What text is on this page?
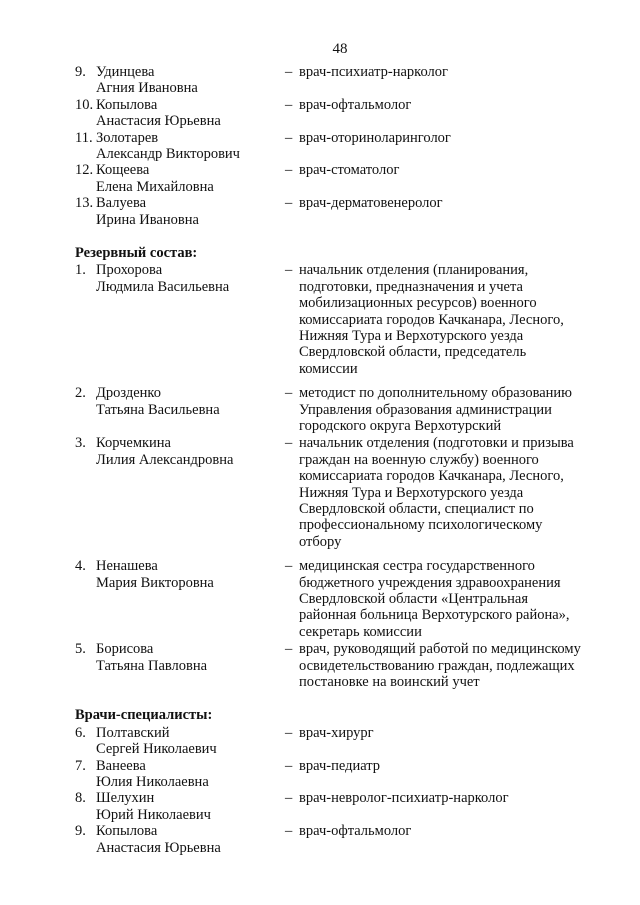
48
9. Удинцева
Агния Ивановна
– врач-психиатр-нарколог
10. Копылова
Анастасия Юрьевна
– врач-офтальмолог
11. Золотарев
Александр Викторович
– врач-оториноларинголог
12. Кощеева
Елена Михайловна
– врач-стоматолог
13. Валуева
Ирина Ивановна
– врач-дерматовенеролог
Резервный состав:
1. Прохорова
Людмила Васильевна
– начальник отделения (планирования,
подготовки, предназначения и учета
мобилизационных ресурсов) военного
комиссариата городов Качканара, Лесного,
Нижняя Тура и Верхотурского уезда
Свердловской области, председатель
комиссии
2. Дрозденко
Татьяна Васильевна
– методист по дополнительному образованию
Управления образования администрации
городского округа Верхотурский
3. Корчемкина
Лилия Александровна
– начальник отделения (подготовки и призыва
граждан на военную службу) военного
комиссариата городов Качканара, Лесного,
Нижняя Тура и Верхотурского уезда
Свердловской области, специалист по
профессиональному психологическому
отбору
4. Ненашева
Мария Викторовна
– медицинская сестра государственного
бюджетного учреждения здравоохранения
Свердловской области «Центральная
районная больница Верхотурского района»,
секретарь комиссии
5. Борисова
Татьяна Павловна
– врач, руководящий работой по медицинскому
освидетельствованию граждан, подлежащих
постановке на воинский учет
Врачи-специалисты:
6. Полтавский
Сергей Николаевич
– врач-хирург
7. Ванеева
Юлия Николаевна
– врач-педиатр
8. Шелухин
Юрий Николаевич
– врач-невролог-психиатр-нарколог
9. Копылова
Анастасия Юрьевна
– врач-офтальмолог
